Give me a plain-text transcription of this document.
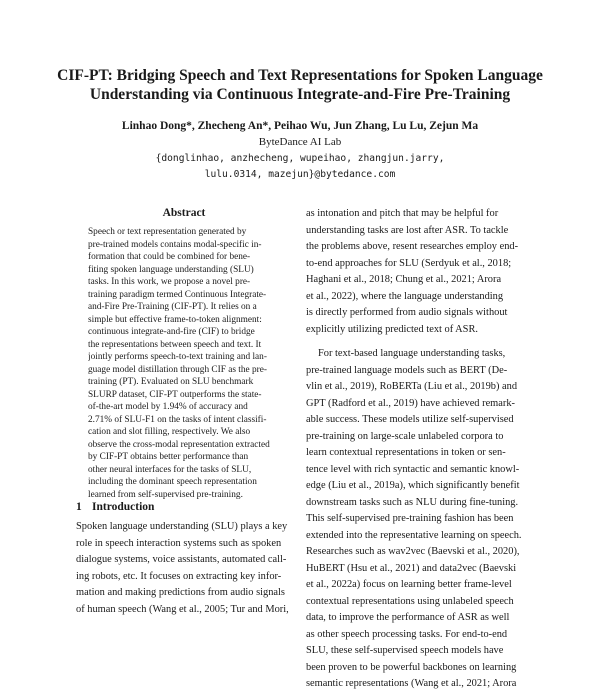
CIF-PT: Bridging Speech and Text Representations for Spoken Language
Understanding via Continuous Integrate-and-Fire Pre-Training
Linhao Dong*, Zhecheng An*, Peihao Wu, Jun Zhang, Lu Lu, Zejun Ma
ByteDance AI Lab
{donglinhao, anzhecheng, wupeihao, zhangjun.jarry,
lulu.0314, mazejun}@bytedance.com
Abstract
Speech or text representation generated by
pre-trained models contains modal-specific in-
formation that could be combined for bene-
fiting spoken language understanding (SLU)
tasks. In this work, we propose a novel pre-
training paradigm termed Continuous Integrate-
and-Fire Pre-Training (CIF-PT). It relies on a
simple but effective frame-to-token alignment:
continuous integrate-and-fire (CIF) to bridge
the representations between speech and text. It
jointly performs speech-to-text training and lan-
guage model distillation through CIF as the pre-
training (PT). Evaluated on SLU benchmark
SLURP dataset, CIF-PT outperforms the state-
of-the-art model by 1.94% of accuracy and
2.71% of SLU-F1 on the tasks of intent classifi-
cation and slot filling, respectively. We also
observe the cross-modal representation extracted
by CIF-PT obtains better performance than
other neural interfaces for the tasks of SLU,
including the dominant speech representation
learned from self-supervised pre-training.
1 Introduction
Spoken language understanding (SLU) plays a key
role in speech interaction systems such as spoken
dialogue systems, voice assistants, automated call-
ing robots, etc. It focuses on extracting key infor-
mation and making predictions from audio signals
of human speech (Wang et al., 2005; Tur and Mori,
as intonation and pitch that may be helpful for
understanding tasks are lost after ASR. To tackle
the problems above, resent researches employ end-
to-end approaches for SLU (Serdyuk et al., 2018;
Haghani et al., 2018; Chung et al., 2021; Arora
et al., 2022), where the language understanding
is directly performed from audio signals without
explicitly utilizing predicted text of ASR.
For text-based language understanding tasks,
pre-trained language models such as BERT (De-
vlin et al., 2019), RoBERTa (Liu et al., 2019b) and
GPT (Radford et al., 2019) have achieved remark-
able success. These models utilize self-supervised
pre-training on large-scale unlabeled corpora to
learn contextual representations in token or sen-
tence level with rich syntactic and semantic knowl-
edge (Liu et al., 2019a), which significantly benefit
downstream tasks such as NLU during fine-tuning.
This self-supervised pre-training fashion has been
extended into the representative learning on speech.
Researches such as wav2vec (Baevski et al., 2020),
HuBERT (Hsu et al., 2021) and data2vec (Baevski
et al., 2022a) focus on learning better frame-level
contextual representations using unlabeled speech
data, to improve the performance of ASR as well
as other speech processing tasks. For end-to-end
SLU, these self-supervised speech models have
been proven to be powerful backbones on learning
semantic representations (Wang et al., 2021; Arora
